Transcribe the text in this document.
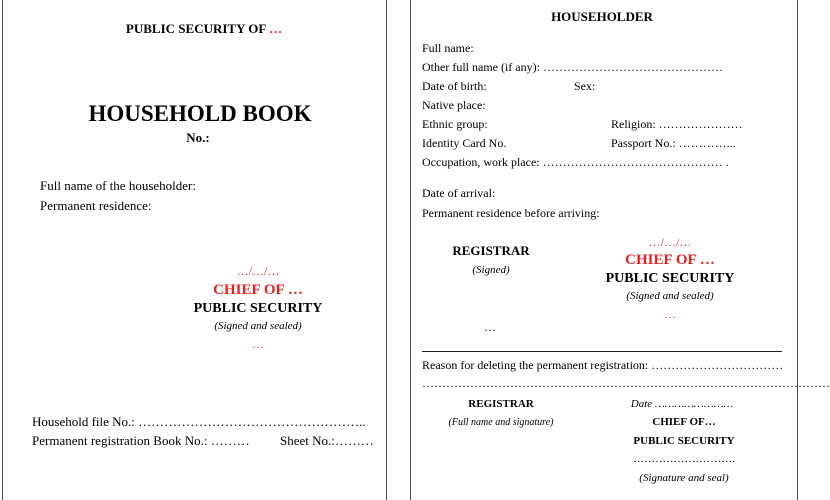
PUBLIC SECURITY OF …
HOUSEHOLD BOOK
No.:
Full name of the householder:
Permanent residence:
…/…/…
CHIEF OF …
PUBLIC SECURITY
(Signed and sealed)
…
Household file No.: ……………………………………………..
Permanent registration Book No.: ……… Sheet No.:………
HOUSEHOLDER
Full name:
Other full name (if any): ………………………………………
Date of birth:	Sex:
Native place:
Ethnic group:	Religion: …………………
Identity Card No.	Passport No.: …………...
Occupation, work place: ……………………………………… .
Date of arrival:
Permanent residence before arriving:
REGISTRAR
(Signed)
…
…/…/…
CHIEF OF …
PUBLIC SECURITY
(Signed and sealed)
…
Reason for deleting the permanent registration: ……………………………
…………………………………………………………………………………………
REGISTRAR
(Full name and signature)
Date ……………………
CHIEF OF…
PUBLIC SECURITY
……………………….
(Signature and seal)
